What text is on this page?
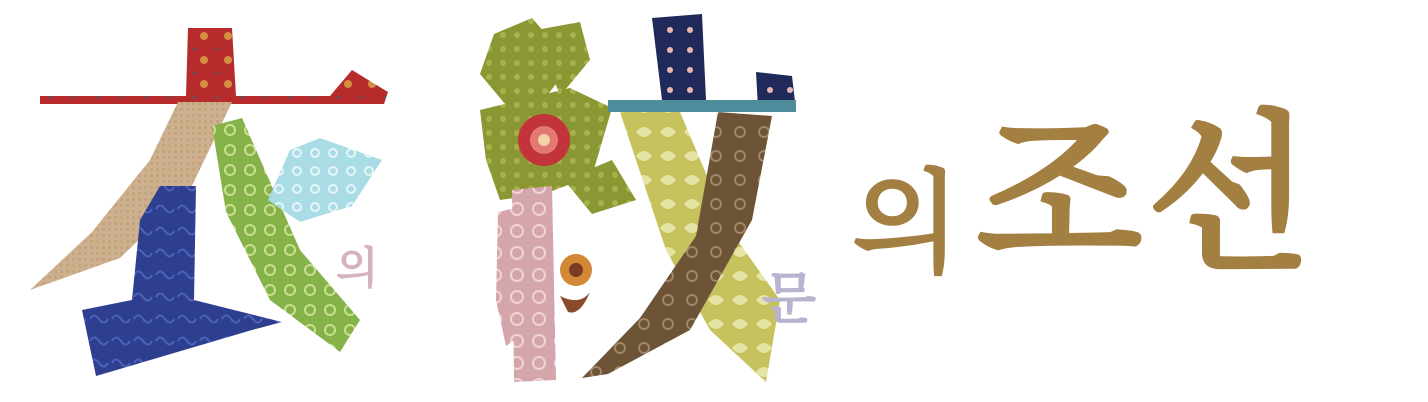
의	문
의조선
